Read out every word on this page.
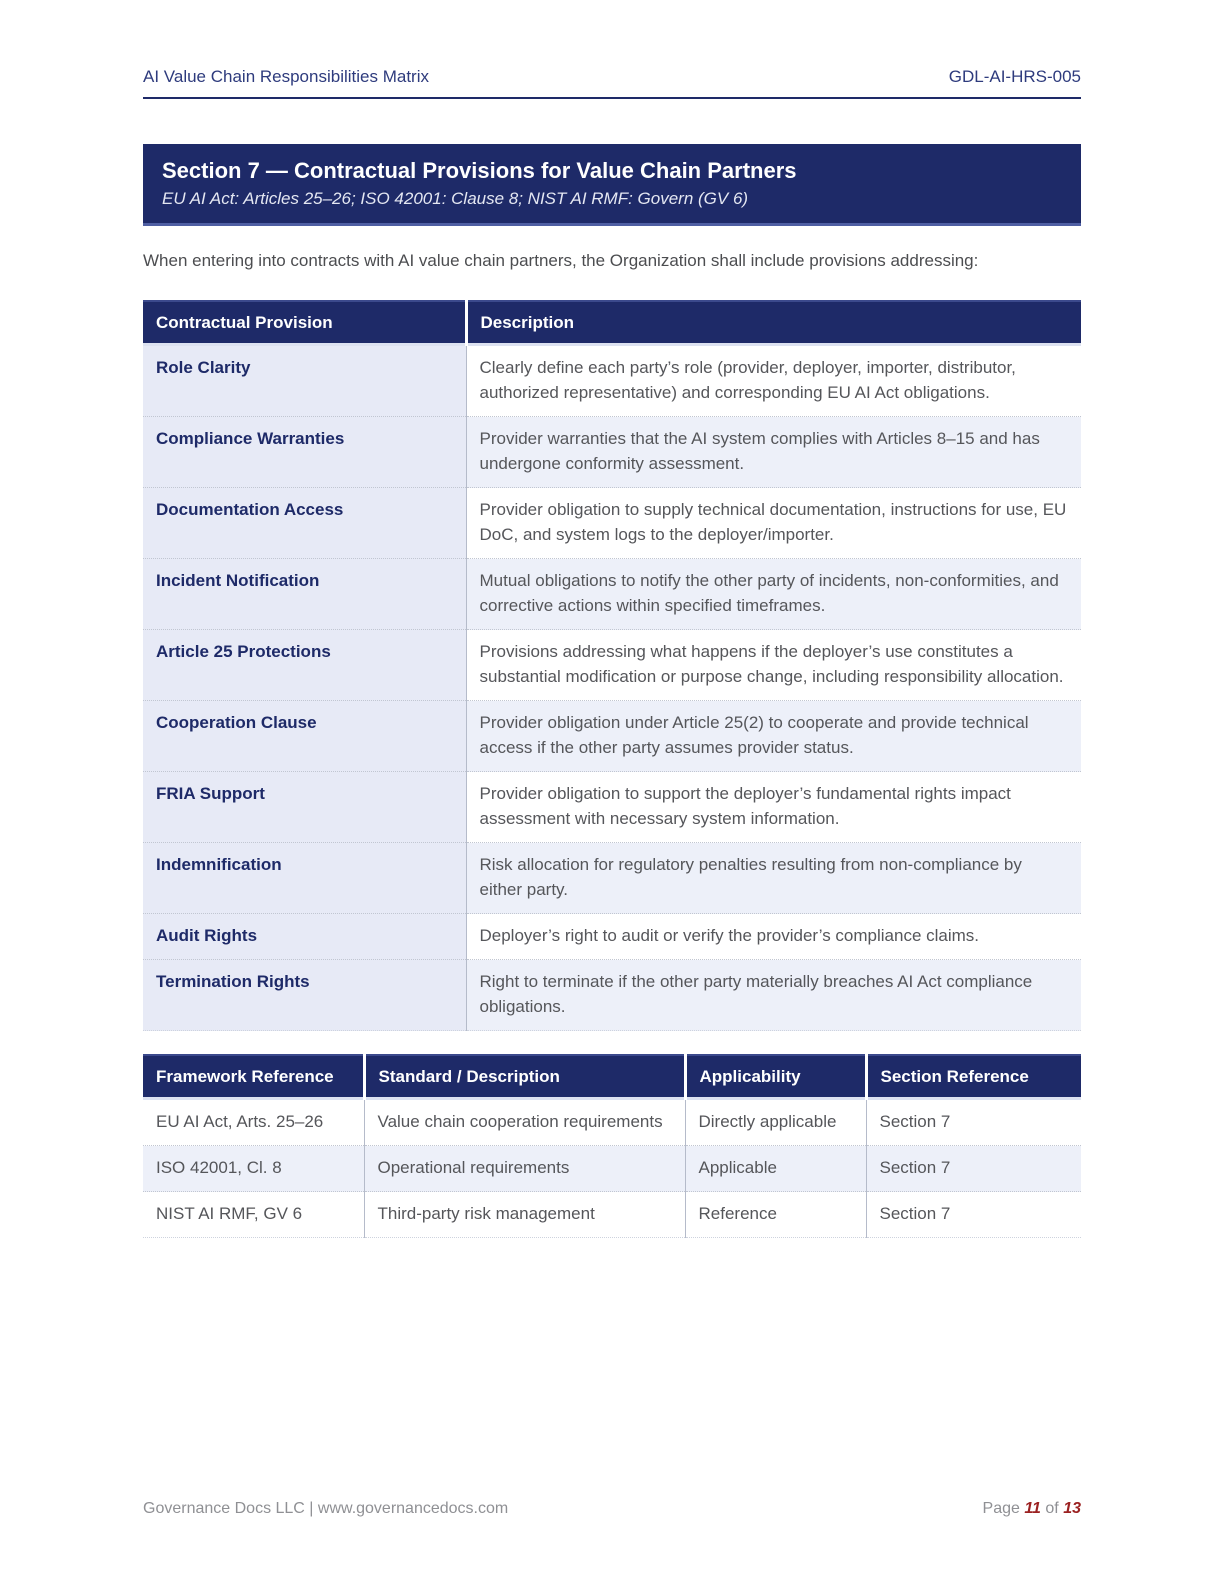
AI Value Chain Responsibilities Matrix	GDL-AI-HRS-005
Section 7 — Contractual Provisions for Value Chain Partners
EU AI Act: Articles 25–26; ISO 42001: Clause 8; NIST AI RMF: Govern (GV 6)

When entering into contracts with AI value chain partners, the Organization shall include provisions addressing:

Contractual Provision	Description
Role Clarity	Clearly define each party’s role (provider, deployer, importer, distributor, authorized representative) and corresponding EU AI Act obligations.
Compliance Warranties	Provider warranties that the AI system complies with Articles 8–15 and has undergone conformity assessment.
Documentation Access	Provider obligation to supply technical documentation, instructions for use, EU DoC, and system logs to the deployer/importer.
Incident Notification	Mutual obligations to notify the other party of incidents, non-conformities, and corrective actions within specified timeframes.
Article 25 Protections	Provisions addressing what happens if the deployer’s use constitutes a substantial modification or purpose change, including responsibility allocation.
Cooperation Clause	Provider obligation under Article 25(2) to cooperate and provide technical access if the other party assumes provider status.
FRIA Support	Provider obligation to support the deployer’s fundamental rights impact assessment with necessary system information.
Indemnification	Risk allocation for regulatory penalties resulting from non-compliance by either party.
Audit Rights	Deployer’s right to audit or verify the provider’s compliance claims.
Termination Rights	Right to terminate if the other party materially breaches AI Act compliance obligations.
Framework Reference	Standard / Description	Applicability	Section Reference
EU AI Act, Arts. 25–26	Value chain cooperation requirements	Directly applicable	Section 7
ISO 42001, Cl. 8	Operational requirements	Applicable	Section 7
NIST AI RMF, GV 6	Third-party risk management	Reference	Section 7
Governance Docs LLC | www.governancedocs.com	Page 11 of 13
